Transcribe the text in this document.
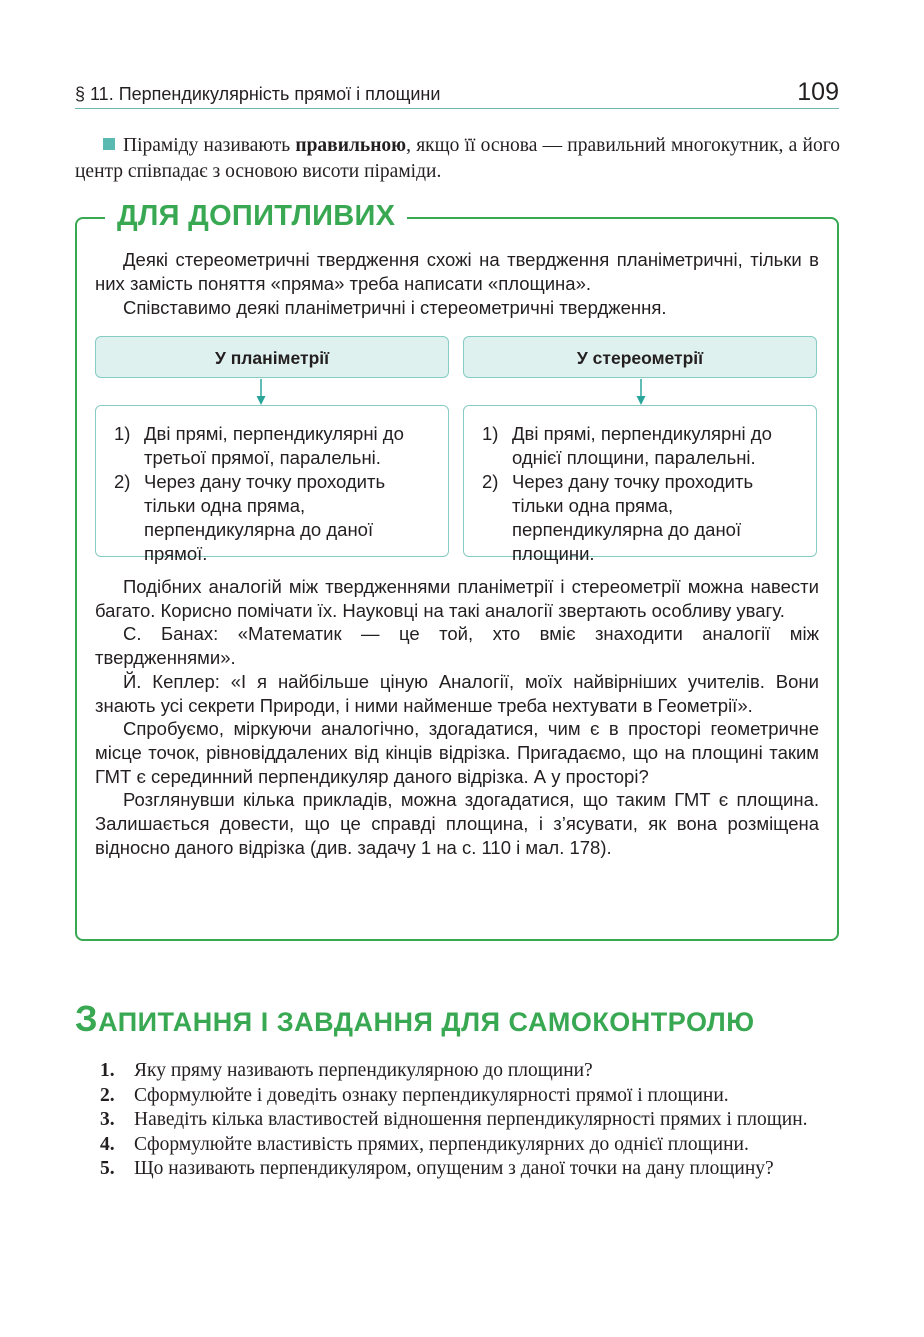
§ 11. Перпендикулярність прямої і площини	109
Піраміду називають правильною, якщо її основа — правильний многокутник, а його центр співпадає з основою висоти піраміди.
ДЛЯ ДОПИТЛИВИХ
Деякі стереометричні твердження схожі на твердження планіметричні, тільки в них замість поняття «пряма» треба написати «площина».
Співставимо деякі планіметричні і стереометричні твердження.
У планіметрії	У стереометрії
1) Дві прямі, перпендикулярні до третьої прямої, паралельні.
2) Через дану точку проходить тільки одна пряма, перпендикулярна до даної прямої.
1) Дві прямі, перпендикулярні до однієї площини, паралельні.
2) Через дану точку проходить тільки одна пряма, перпендикулярна до даної площини.
Подібних аналогій між твердженнями планіметрії і стереометрії можна навести багато. Корисно помічати їх. Науковці на такі аналогії звертають особливу увагу.
С. Банах: «Математик — це той, хто вміє знаходити аналогії між твердженнями».
Й. Кеплер: «І я найбільше ціную Аналогії, моїх найвірніших учителів. Вони знають усі секрети Природи, і ними найменше треба нехтувати в Геометрії».
Спробуємо, міркуючи аналогічно, здогадатися, чим є в просторі геометричне місце точок, рівновіддалених від кінців відрізка. Пригадаємо, що на площині таким ГМТ є серединний перпендикуляр даного відрізка. А у просторі?
Розглянувши кілька прикладів, можна здогадатися, що таким ГМТ є площина. Залишається довести, що це справді площина, і з’ясувати, як вона розміщена відносно даного відрізка (див. задачу 1 на с. 110 і мал. 178).
ЗАПИТАННЯ І ЗАВДАННЯ ДЛЯ САМОКОНТРОЛЮ
1. Яку пряму називають перпендикулярною до площини?
2. Сформулюйте і доведіть ознаку перпендикулярності прямої і площини.
3. Наведіть кілька властивостей відношення перпендикулярності прямих і площин.
4. Сформулюйте властивість прямих, перпендикулярних до однієї площини.
5. Що називають перпендикуляром, опущеним з даної точки на дану площину?
